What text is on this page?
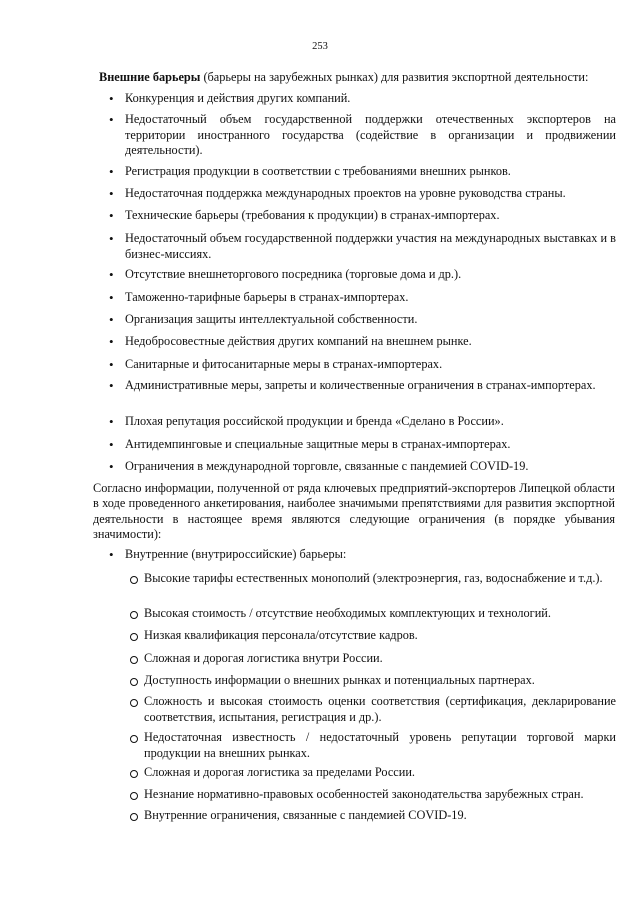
253
Внешние барьеры (барьеры на зарубежных рынках) для развития экспортной деятельности:
• Конкуренция и действия других компаний.
• Недостаточный объем государственной поддержки отечественных экспортеров на территории иностранного государства (содействие в организации и продвижении деятельности).
• Регистрация продукции в соответствии с требованиями внешних рынков.
• Недостаточная поддержка международных проектов на уровне руководства страны.
• Технические барьеры (требования к продукции) в странах-импортерах.
• Недостаточный объем государственной поддержки участия на международных выставках и в бизнес-миссиях.
• Отсутствие внешнеторгового посредника (торговые дома и др.).
• Таможенно-тарифные барьеры в странах-импортерах.
• Организация защиты интеллектуальной собственности.
• Недобросовестные действия других компаний на внешнем рынке.
• Санитарные и фитосанитарные меры в странах-импортерах.
• Административные меры, запреты и количественные ограничения в странах-импортерах.
• Плохая репутация российской продукции и бренда «Сделано в России».
• Антидемпинговые и специальные защитные меры в странах-импортерах.
• Ограничения в международной торговле, связанные с пандемией COVID-19.
Согласно информации, полученной от ряда ключевых предприятий-экспортеров Липецкой области в ходе проведенного анкетирования, наиболее значимыми препятствиями для развития экспортной деятельности в настоящее время являются следующие ограничения (в порядке убывания значимости):
• Внутренние (внутрироссийские) барьеры:
Высокие тарифы естественных монополий (электроэнергия, газ, водоснабжение и т.д.).
Высокая стоимость / отсутствие необходимых комплектующих и технологий.
Низкая квалификация персонала/отсутствие кадров.
Сложная и дорогая логистика внутри России.
Доступность информации о внешних рынках и потенциальных партнерах.
Сложность и высокая стоимость оценки соответствия (сертификация, декларирование соответствия, испытания, регистрация и др.).
Недостаточная известность / недостаточный уровень репутации торговой марки продукции на внешних рынках.
Сложная и дорогая логистика за пределами России.
Незнание нормативно-правовых особенностей законодательства зарубежных стран.
Внутренние ограничения, связанные с пандемией COVID-19.
